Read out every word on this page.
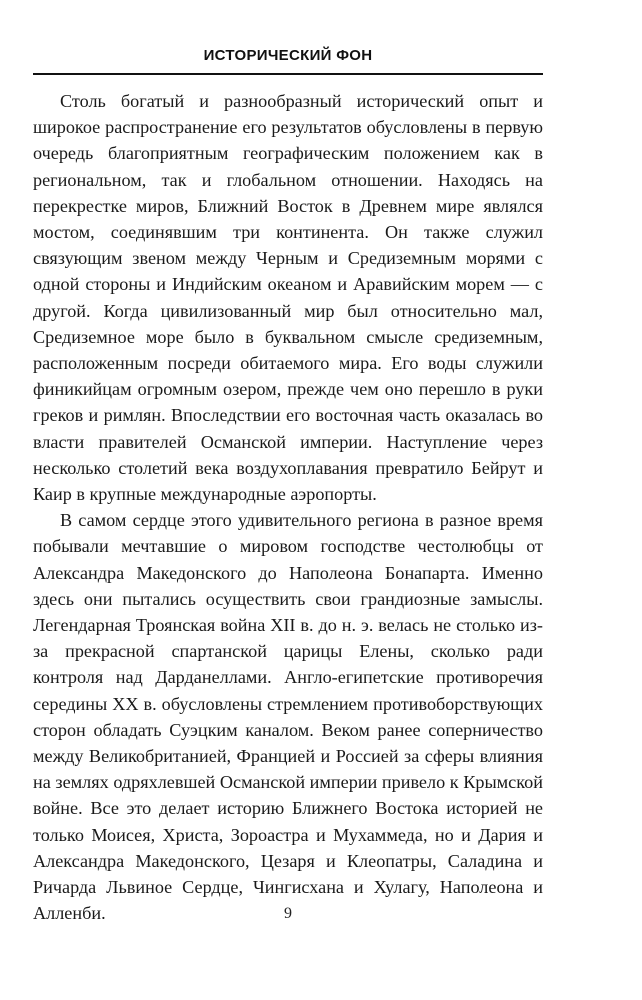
ИСТОРИЧЕСКИЙ ФОН

Столь богатый и разнообразный исторический опыт и широкое распространение его результатов обусловлены в первую очередь благоприятным географическим положением как в региональном, так и глобальном отношении. Находясь на перекрестке миров, Ближний Восток в Древнем мире являлся мостом, соединявшим три континента. Он также служил связующим звеном между Черным и Средиземным морями с одной стороны и Индийским океаном и Аравийским морем — с другой. Когда цивилизованный мир был относительно мал, Средиземное море было в буквальном смысле средиземным, расположенным посреди обитаемого мира. Его воды служили финикийцам огромным озером, прежде чем оно перешло в руки греков и римлян. Впоследствии его восточная часть оказалась во власти правителей Османской империи. Наступление через несколько столетий века воздухоплавания превратило Бейрут и Каир в крупные международные аэропорты.

В самом сердце этого удивительного региона в разное время побывали мечтавшие о мировом господстве честолюбцы от Александра Македонского до Наполеона Бонапарта. Именно здесь они пытались осуществить свои грандиозные замыслы. Легендарная Троянская война XII в. до н. э. велась не столько из-за прекрасной спартанской царицы Елены, сколько ради контроля над Дарданеллами. Англо-египетские противоречия середины XX в. обусловлены стремлением противоборствующих сторон обладать Суэцким каналом. Веком ранее соперничество между Великобританией, Францией и Россией за сферы влияния на землях одряхлевшей Османской империи привело к Крымской войне. Все это делает историю Ближнего Востока историей не только Моисея, Христа, Зороастра и Мухаммеда, но и Дария и Александра Македонского, Цезаря и Клеопатры, Саладина и Ричарда Львиное Сердце, Чингисхана и Хулагу, Наполеона и Алленби.	9
